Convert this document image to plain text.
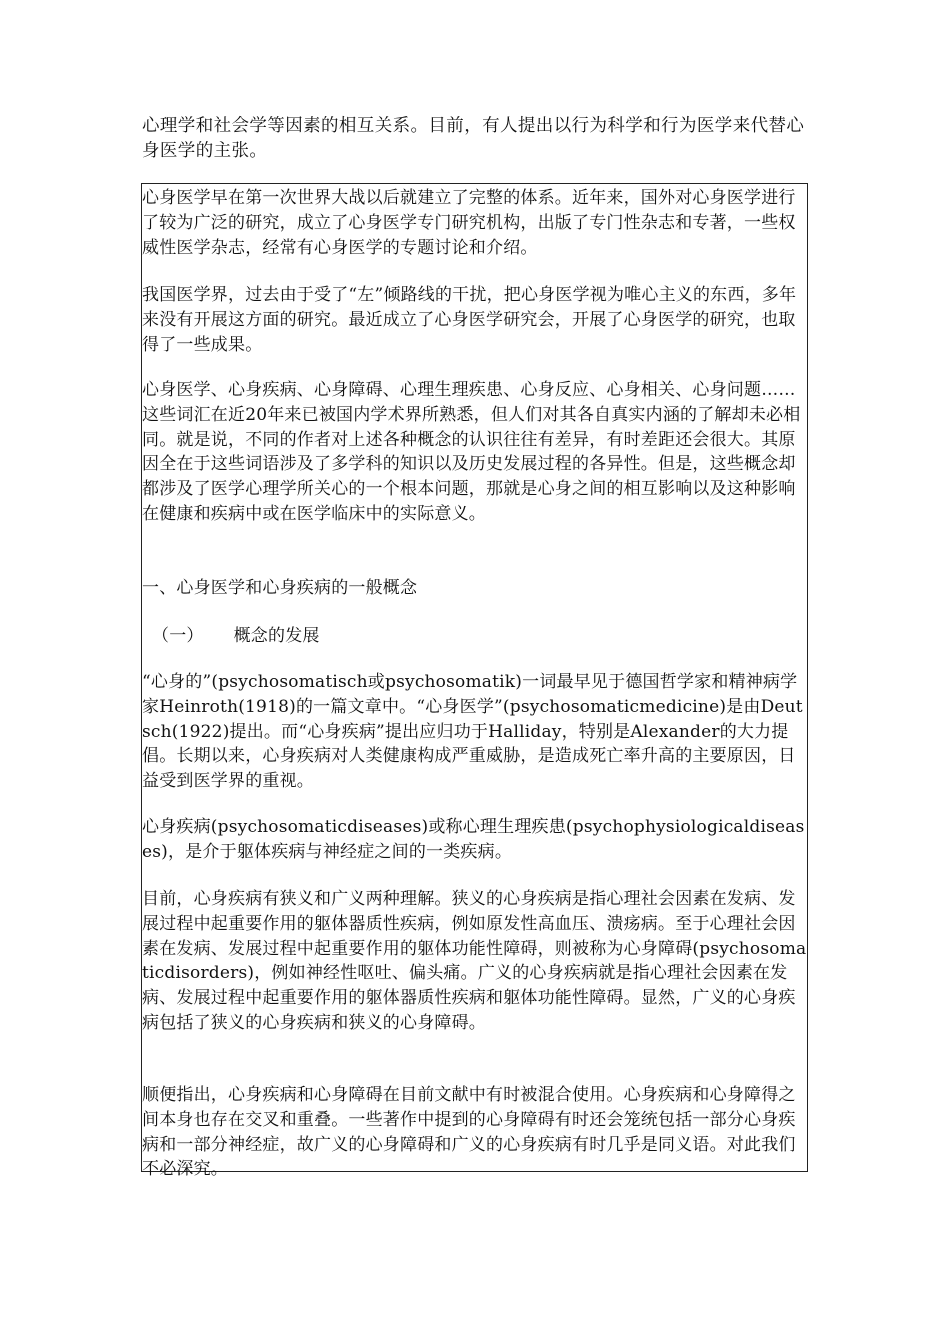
心理学和社会学等因素的相互关系。目前，有人提出以行为科学和行为医学来代替心身医学的主张。

心身医学早在第一次世界大战以后就建立了完整的体系。近年来，国外对心身医学进行了较为广泛的研究，成立了心身医学专门研究机构，出版了专门性杂志和专著，一些权威性医学杂志，经常有心身医学的专题讨论和介绍。

我国医学界，过去由于受了“左”倾路线的干扰，把心身医学视为唯心主义的东西，多年来没有开展这方面的研究。最近成立了心身医学研究会，开展了心身医学的研究，也取得了一些成果。

心身医学、心身疾病、心身障碍、心理生理疾患、心身反应、心身相关、心身问题……这些词汇在近20年来已被国内学术界所熟悉，但人们对其各自真实内涵的了解却未必相同。就是说，不同的作者对上述各种概念的认识往往有差异，有时差距还会很大。其原因全在于这些词语涉及了多学科的知识以及历史发展过程的各异性。但是，这些概念却都涉及了医学心理学所关心的一个根本问题，那就是心身之间的相互影响以及这种影响在健康和疾病中或在医学临床中的实际意义。

一、心身医学和心身疾病的一般概念

（一） 概念的发展

“心身的”(psychosomatisch或psychosomatik)一词最早见于德国哲学家和精神病学家Heinroth(1918)的一篇文章中。“心身医学”(psychosomaticmedicine)是由Deutsch(1922)提出。而“心身疾病”提出应归功于Halliday，特别是Alexander的大力提倡。长期以来，心身疾病对人类健康构成严重威胁，是造成死亡率升高的主要原因，日益受到医学界的重视。

心身疾病(psychosomaticdiseases)或称心理生理疾患(psychophysiologicaldiseases)，是介于躯体疾病与神经症之间的一类疾病。

目前，心身疾病有狭义和广义两种理解。狭义的心身疾病是指心理社会因素在发病、发展过程中起重要作用的躯体器质性疾病，例如原发性高血压、溃疡病。至于心理社会因素在发病、发展过程中起重要作用的躯体功能性障碍，则被称为心身障碍(psychosomaticdisorders)，例如神经性呕吐、偏头痛。广义的心身疾病就是指心理社会因素在发病、发展过程中起重要作用的躯体器质性疾病和躯体功能性障碍。显然，广义的心身疾病包括了狭义的心身疾病和狭义的心身障碍。

顺便指出，心身疾病和心身障碍在目前文献中有时被混合使用。心身疾病和心身障得之间本身也存在交叉和重叠。一些著作中提到的心身障碍有时还会笼统包括一部分心身疾病和一部分神经症，故广义的心身障碍和广义的心身疾病有时几乎是同义语。对此我们不必深究。
